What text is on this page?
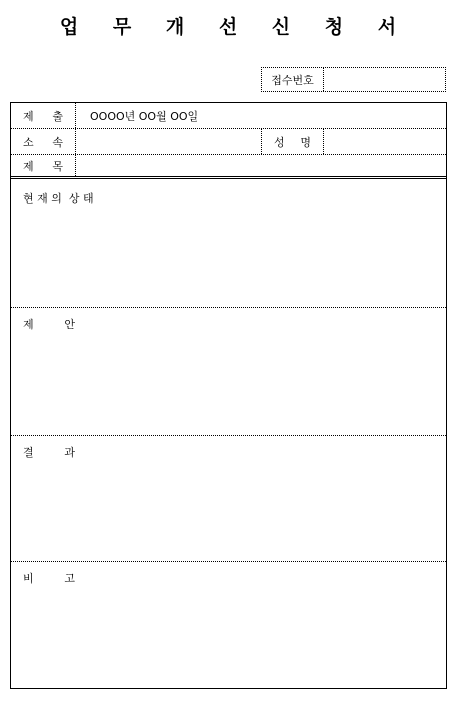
업 무 개 선 신 청 서
접수번호
제 출 OOOO년 OO월 OO일
소 속	성 명
제 목
현 재 의  상 태
제	안
결	과
비	고
